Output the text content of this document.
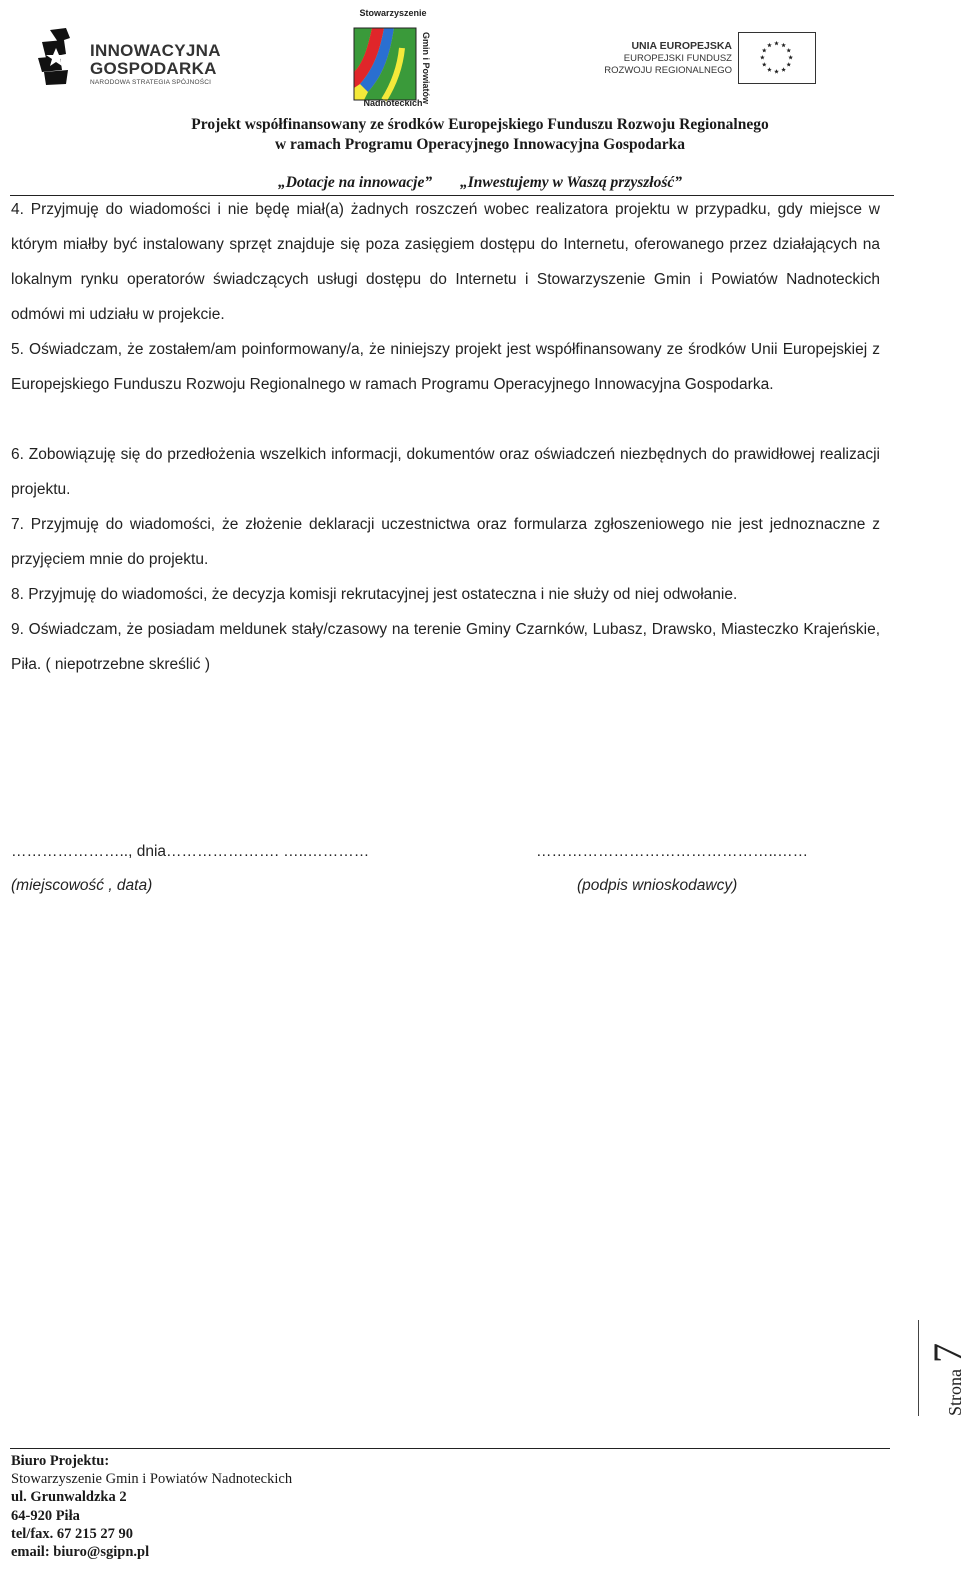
INNOWACYJNA
GOSPODARKA
NARODOWA STRATEGIA SPÓJNOŚCI
Stowarzyszenie
Gmin i Powiatów
Nadnoteckich
UNIA EUROPEJSKA
EUROPEJSKI FUNDUSZ
ROZWOJU REGIONALNEGO
Projekt współfinansowany ze środków Europejskiego Funduszu Rozwoju Regionalnego
w ramach Programu Operacyjnego Innowacyjna Gospodarka
„Dotacje na innowacje” „Inwestujemy w Waszą przyszłość”
4. Przyjmuję do wiadomości i nie będę miał(a) żadnych roszczeń wobec realizatora projektu w przypadku, gdy miejsce w którym miałby być instalowany sprzęt znajduje się poza zasięgiem dostępu do Internetu, oferowanego przez działających na lokalnym rynku operatorów świadczących usługi dostępu do Internetu i Stowarzyszenie Gmin i Powiatów Nadnoteckich odmówi mi udziału w projekcie.
5. Oświadczam, że zostałem/am poinformowany/a, że niniejszy projekt jest współfinansowany ze środków Unii Europejskiej z Europejskiego Funduszu Rozwoju Regionalnego w ramach Programu Operacyjnego Innowacyjna Gospodarka.
6. Zobowiązuję się do przedłożenia wszelkich informacji, dokumentów oraz oświadczeń niezbędnych do prawidłowej realizacji projektu.
7. Przyjmuję do wiadomości, że złożenie deklaracji uczestnictwa oraz formularza zgłoszeniowego nie jest jednoznaczne z przyjęciem mnie do projektu.
8. Przyjmuję do wiadomości, że decyzja komisji rekrutacyjnej jest ostateczna i nie służy od niej odwołanie.
9. Oświadczam, że posiadam meldunek stały/czasowy na terenie Gminy Czarnków, Lubasz, Drawsko, Miasteczko Krajeńskie, Piła. ( niepotrzebne skreślić )
………………….., dnia…………………. …..…………
(miejscowość , data)
………………………………………..……
(podpis wnioskodawcy)
Strona7
Biuro Projektu:
Stowarzyszenie Gmin i Powiatów Nadnoteckich
ul. Grunwaldzka 2
64-920 Piła
tel/fax. 67 215 27 90
email: biuro@sgipn.pl
